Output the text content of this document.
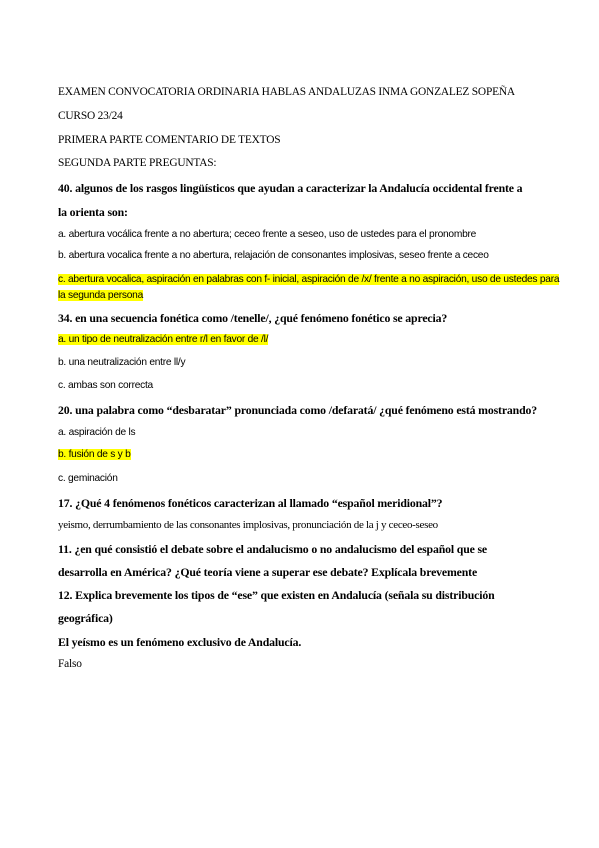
EXAMEN CONVOCATORIA ORDINARIA HABLAS ANDALUZAS INMA GONZALEZ SOPEÑA
CURSO 23/24
PRIMERA PARTE COMENTARIO DE TEXTOS
SEGUNDA PARTE PREGUNTAS:
40. algunos de los rasgos lingüísticos que ayudan a caracterizar la Andalucía occidental frente a
la orienta son:
a. abertura vocálica frente a no abertura; ceceo frente a seseo, uso de ustedes para el pronombre
b. abertura vocalica frente a no abertura, relajación de consonantes implosivas, seseo frente a ceceo
c. abertura vocalica, aspiración en palabras con f- inicial, aspiración de /x/ frente a no aspiración, uso de ustedes para la segunda persona
34. en una secuencia fonética como /tenelle/, ¿qué fenómeno fonético se aprecia?
a. un tipo de neutralización entre r/l en favor de /l/
b. una neutralización entre ll/y
c. ambas son correcta
20. una palabra como “desbaratar” pronunciada como /defaratá/ ¿qué fenómeno está mostrando?
a. aspiración de ls
b. fusión de s y b
c. geminación
17. ¿Qué 4 fenómenos fonéticos caracterizan al llamado “español meridional”?
yeismo, derrumbamiento de las consonantes implosivas, pronunciación de la j y ceceo-seseo
11. ¿en qué consistió el debate sobre el andalucismo o no andalucismo del español que se
desarrolla en América? ¿Qué teoría viene a superar ese debate? Explícala brevemente
12. Explica brevemente los tipos de “ese” que existen en Andalucía (señala su distribución
geográfica)
El yeísmo es un fenómeno exclusivo de Andalucía.
Falso
